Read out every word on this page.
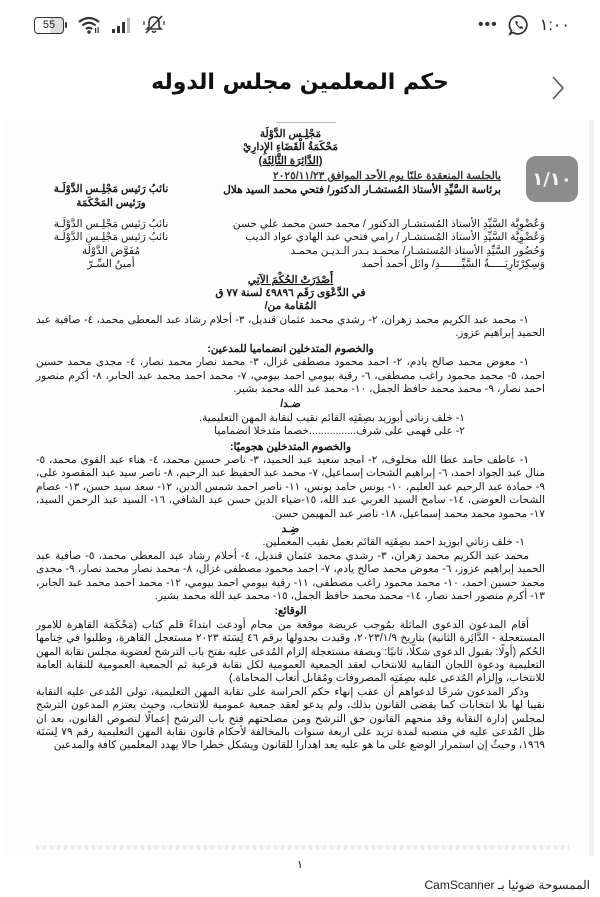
55	•••	١:٠٠
حكم المعلمين مجلس الدوله
مَجْلِـس الدَّوْلَة
مَحْكَمَةُ الْقَضَاءِ الإِدارِيْ
(الدَّائِرَة الثَّالِثَة)
بالجلسة المنعقدة علنًا يوم الأحد الموافق ٢٠٢٥/١١/٢٣
برئاسة السَّيِّدِ الأستاذ المُستشـار الدكتور/ فتحي محمد السيد هلال
نائبُ رَئيس مَجْلِـس الدَّوْلَـة
ورَئيس المَحْكَمَة
وَعُضْوِيَّة السَّيِّدِ الأستاذ المُستشـار الدكتور / محمد حسن محمد علي حسن
وَعُضْوِيَّة السَّيِّدِ الأستاذ المُستشـار / رامي فتحي عبد الهادي عواد الديب
وَحُضُور السَّيِّدِ الأستاذ المُستشـار/ محمـد بـدر الـديـن محمـد
وَسِكِرْتَارِيَـــــةُ السَّيِّـــــــدِ/ وائل أحمد أحمد
نائبُ رَئيس مَجْلِـس الدَّوْلَـة
نائبُ رَئيس مَجْلِـس الدَّوْلَـة
مُفَوَّض الدَّوْلَة
أمينُ السِّـرّ
أَصْدَرَتْ الحُكْمَ الآتِي
في الدَّعْوَى رَقَم ٤٩٨٩٦ لسنة ٧٧ ق
المُقامة من/
١- محمد عبد الكريم محمد زهران، ٢- رشدي محمد عثمان قنديل، ٣- أحلام رشاد عبد المعطى محمد، ٤- صافية عبد الحميد إبراهيم عزوز.
والخصوم المتدخلين انضماميا للمدعين:
١- معوض محمد صالح يادم، ٢- احمد محمود مصطفى غزال، ٣- محمد نصار محمد نصار، ٤- مجدى محمد حسين احمد، ٥- محمد محمود راغب مصطفى، ٦- رقية بيومي احمد بيومي، ٧- محمد احمد محمد عبد الجابر، ٨- أكرم منصور احمد نصار، ٩- محمد محمد حافظ الجمل، ١٠- محمد عبد الله محمد بشير.
ضـد/
١- خلف زناتى أبوزيد بصِفَتِه القائم نقيب لنقابة المهن التعليمية.
٢- على فهمى على شرف................خصما متدخلا انضماميا
والخصوم المتدخلين هجوميًا:
١- عاطف حامد عطا الله مخلوف، ٢- امجد سعيد عبد الحميد، ٣- ناصر حسين محمد، ٤- هناء عبد القوى محمد، ٥- منال عبد الجواد احمد، ٦- إبراهيم الشحات إسماعيل، ٧- محمد عبد الحفيظ عبد الرحيم، ٨- ناصر سيد عبد المقصود على، ٩- حمادة عبد الرحيم عبد العليم، ١٠- يونس حامد يونس، ١١- ناصر احمد شمس الدين، ١٢- سعد سيد حسن، ١٣- عصام الشحات العوضى، ١٤- سامح السيد العربي عبد الله، ١٥-ضياء الدين حسن عبد الشافي، ١٦- السيد عبد الرحمن السيد، ١٧- محمود محمد محمد إسماعيل، ١٨- ناصر عبد المهيمن حسن.
ضِـد
١- خلف زناتي ابوزيد احمد بصِفَتِه القائم بعمل نقيب المعملين.
محمد عبد الكريم محمد زهران، ٣- رشدي محمد عثمان قنديل، ٤- أحلام رشاد عبد المعطى محمد، ٥- صافية عبد الحميد إبراهيم عزوز، ٦- معوض محمد صالح يادم، ٧- احمد محمود مصطفى غزال، ٨- محمد نصار محمد نصار، ٩- مجدى محمد حسين احمد، ١٠- محمد محمود راغب مصطفى، ١١- رقية بيومي احمد بيومي، ١٢- محمد احمد محمد عبد الجابر، ١٣- أكرم منصور احمد نصار، ١٤- محمد محمد حافظ الجمل، ١٥- محمد عبد الله محمد بشير.
الوقائع:
أقام المدعون الدعوى الماثلة بمُوجب عريضة موقعة من محام أودعت ابتداءً قلم كتاب (مَحْكَمَة القاهرة للامور المستعجلة - الدَّائِرة الثانية) بتاريخ ٢٠٢٣/١/٩، وقيدت بجدولها برقم ٤٦ لِسَنَة ٢٠٢٣ مستعجل القاهرة، وطلبوا في خِتامها الحُكم (أولًا: بقبول الدعوى شكلًا، ثانيًا: وبصفة مستعجلة إلزام المُدعى عليه بفتح باب الترشح لعضوية مجلس نقابة المهن التعليمية ودعوة اللجان النقابية للانتخاب لعقد الجمعية العمومية لكل نقابة فرعية ثم الجمعية العمومية للنقابة العامة للانتخاب، وإلزام المُدعى عليه بصِفَتِه المصروفات ومُقابل أتعاب المحاماة.)
وذكر المدعون شرحًا لدعواهم أن عقب إنهاء حكم الحراسة على نقابة المهن التعليمية، تولى المُدعى عليه النقابة نقيبا لها بلا انتخابات كما يقضى القانون بذلك، ولم يدعو لعقد جمعية عمومية للانتخاب، وحيث يعتزم المدعون الترشح لمجلس إدارة النقابة وقد منحهم القانون حق الترشح ومن مصلحتهم فتح باب الترشح إعمالًا لنصوص القانون، بعد ان ظل المُدعى عليه في منصبه لمدة تزيد على اربعة سنوات بالمخالفة لأحكام قانون نقابة المهن التعليمية رقم ٧٩ لِسَنَة ١٩٦٩، وحيثُ إن استمرار الوضع على ما هو عليه يعد اهدارا للقانون ويشكل خطرا حالا يهدد المعلمين كافة والمدعين
١/١٠
١
الممسوحة ضوئيا بـ CamScanner
